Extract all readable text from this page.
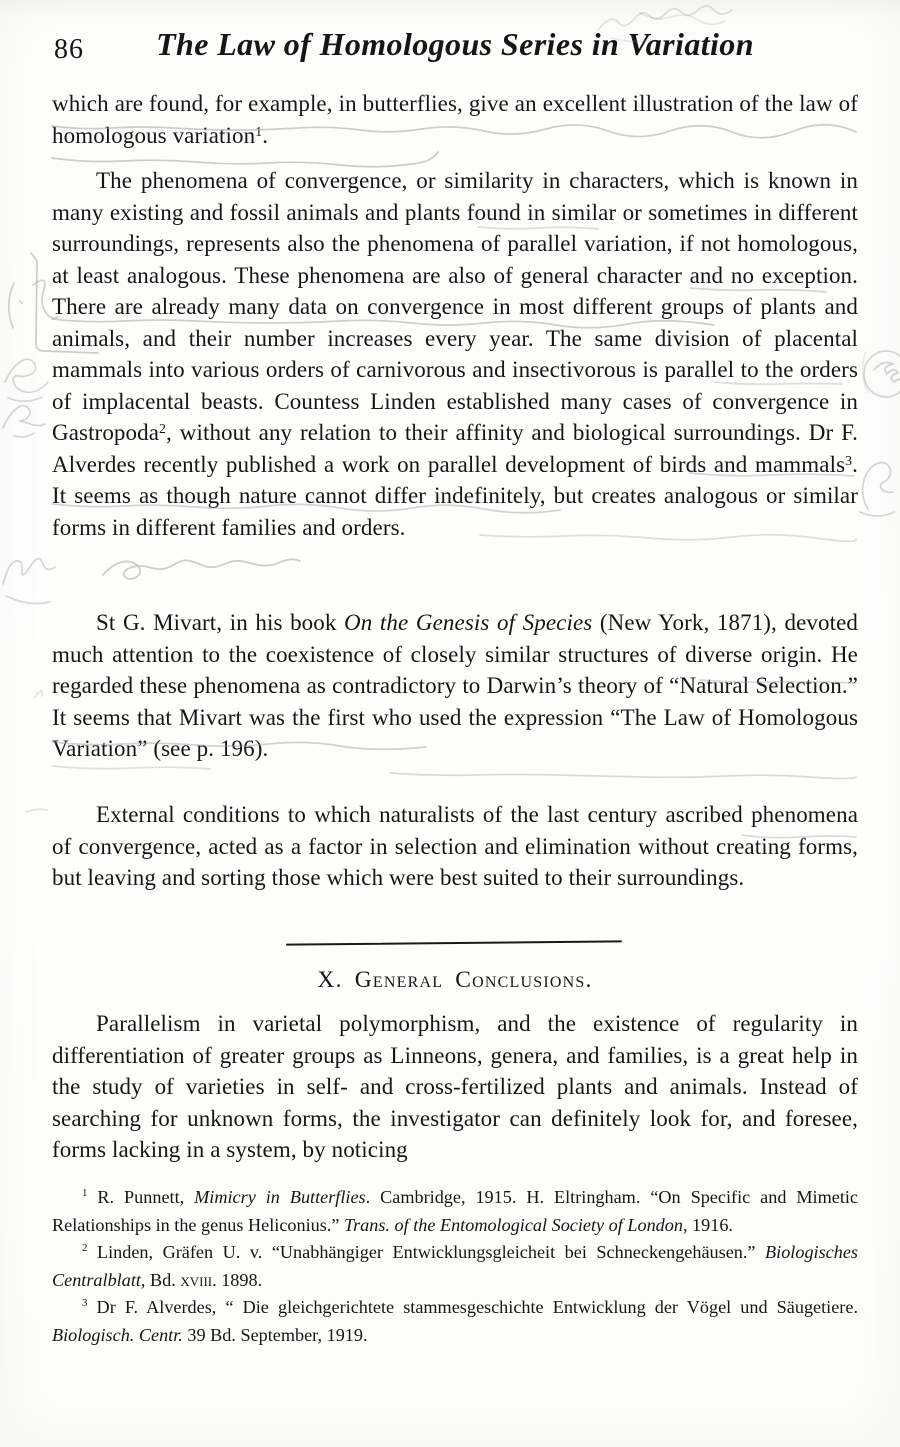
86 The Law of Homologous Series in Variation
which are found, for example, in butterflies, give an excellent illustration of the law of homologous variation$^1$.
The phenomena of convergence, or similarity in characters, which is known in many existing and fossil animals and plants found in similar or sometimes in different surroundings, represents also the phenomena of parallel variation, if not homologous, at least analogous. These phenomena are also of general character and no exception. There are already many data on convergence in most different groups of plants and animals, and their number increases every year. The same division of placental mammals into various orders of carnivorous and insectivorous is parallel to the orders of implacental beasts. Countess Linden established many cases of convergence in Gastropoda$^2$, without any relation to their affinity and biological surroundings. Dr F. Alverdes recently published a work on parallel development of birds and mammals$^3$. It seems as though nature cannot differ indefinitely, but creates analogous or similar forms in different families and orders.
St G. Mivart, in his book On the Genesis of Species (New York, 1871), devoted much attention to the coexistence of closely similar structures of diverse origin. He regarded these phenomena as contradictory to Darwin’s theory of “Natural Selection.” It seems that Mivart was the first who used the expression “The Law of Homologous Variation” (see p. 196).
External conditions to which naturalists of the last century ascribed phenomena of convergence, acted as a factor in selection and elimination without creating forms, but leaving and sorting those which were best suited to their surroundings.
X. General Conclusions.
Parallelism in varietal polymorphism, and the existence of regularity in differentiation of greater groups as Linneons, genera, and families, is a great help in the study of varieties in self- and cross-fertilized plants and animals. Instead of searching for unknown forms, the investigator can definitely look for, and foresee, forms lacking in a system, by noticing
$^1$ R. Punnett, Mimicry in Butterflies. Cambridge, 1915. H. Eltringham. “On Specific and Mimetic Relationships in the genus Heliconius.” Trans. of the Entomological Society of London, 1916.
$^2$ Linden, Gräfen U. v. “Unabhängiger Entwicklungsgleicheit bei Schneckengehäusen.” Biologisches Centralblatt, Bd. xviii. 1898.
$^3$ Dr F. Alverdes, “ Die gleichgerichtete stammesgeschichte Entwicklung der Vögel und Säugetiere. Biologisch. Centr. 39 Bd. September, 1919.
